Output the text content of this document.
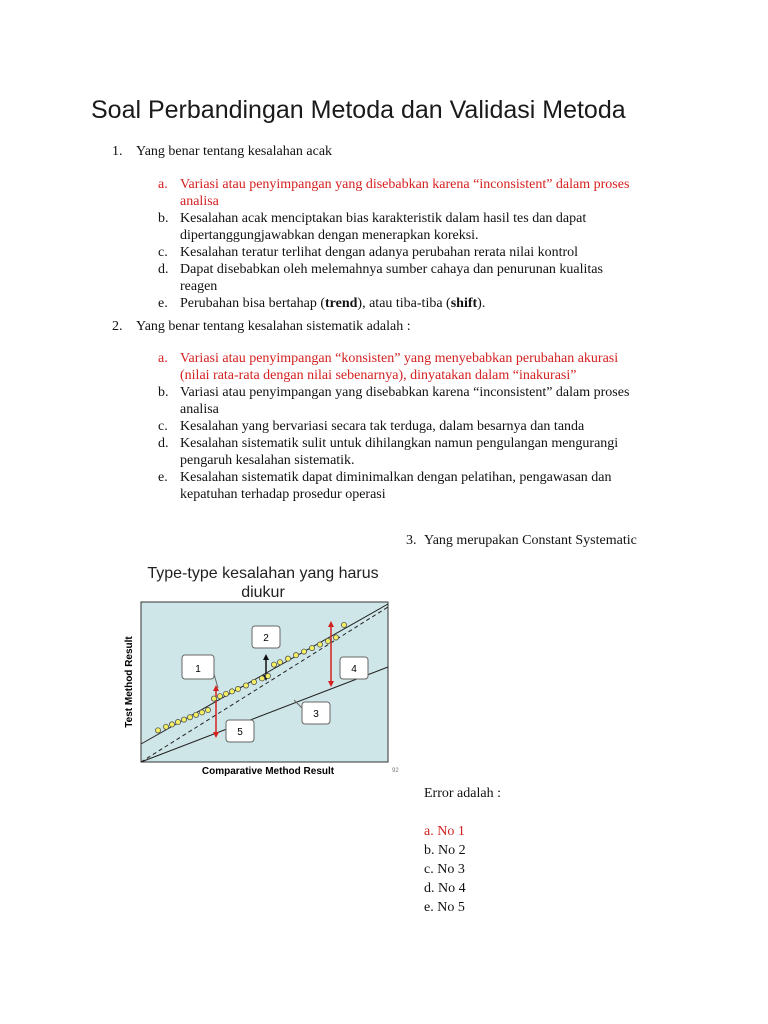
Soal Perbandingan Metoda dan Validasi Metoda
1. Yang benar tentang kesalahan acak
a. Variasi atau penyimpangan yang disebabkan karena “inconsistent” dalam proses
analisa
b. Kesalahan acak menciptakan bias karakteristik dalam hasil tes dan dapat
dipertanggungjawabkan dengan menerapkan koreksi.
c. Kesalahan teratur terlihat dengan adanya perubahan rerata nilai kontrol
d. Dapat disebabkan oleh melemahnya sumber cahaya dan penurunan kualitas
reagen
e. Perubahan bisa bertahap (trend), atau tiba-tiba (shift).
2. Yang benar tentang kesalahan sistematik adalah :
a. Variasi atau penyimpangan “konsisten” yang menyebabkan perubahan akurasi
(nilai rata-rata dengan nilai sebenarnya), dinyatakan dalam “inakurasi”
b. Variasi atau penyimpangan yang disebabkan karena “inconsistent” dalam proses
analisa
c. Kesalahan yang bervariasi secara tak terduga, dalam besarnya dan tanda
d. Kesalahan sistematik sulit untuk dihilangkan namun pengulangan mengurangi
pengaruh kesalahan sistematik.
e. Kesalahan sistematik dapat diminimalkan dengan pelatihan, pengawasan dan
kepatuhan terhadap prosedur operasi
3. Yang merupakan Constant Systematic
Type-type kesalahan yang harus
diukur
1
2
3
4
5
Test Method Result
Comparative Method Result	92
Error adalah :
a. No 1
b. No 2
c. No 3
d. No 4
e. No 5
